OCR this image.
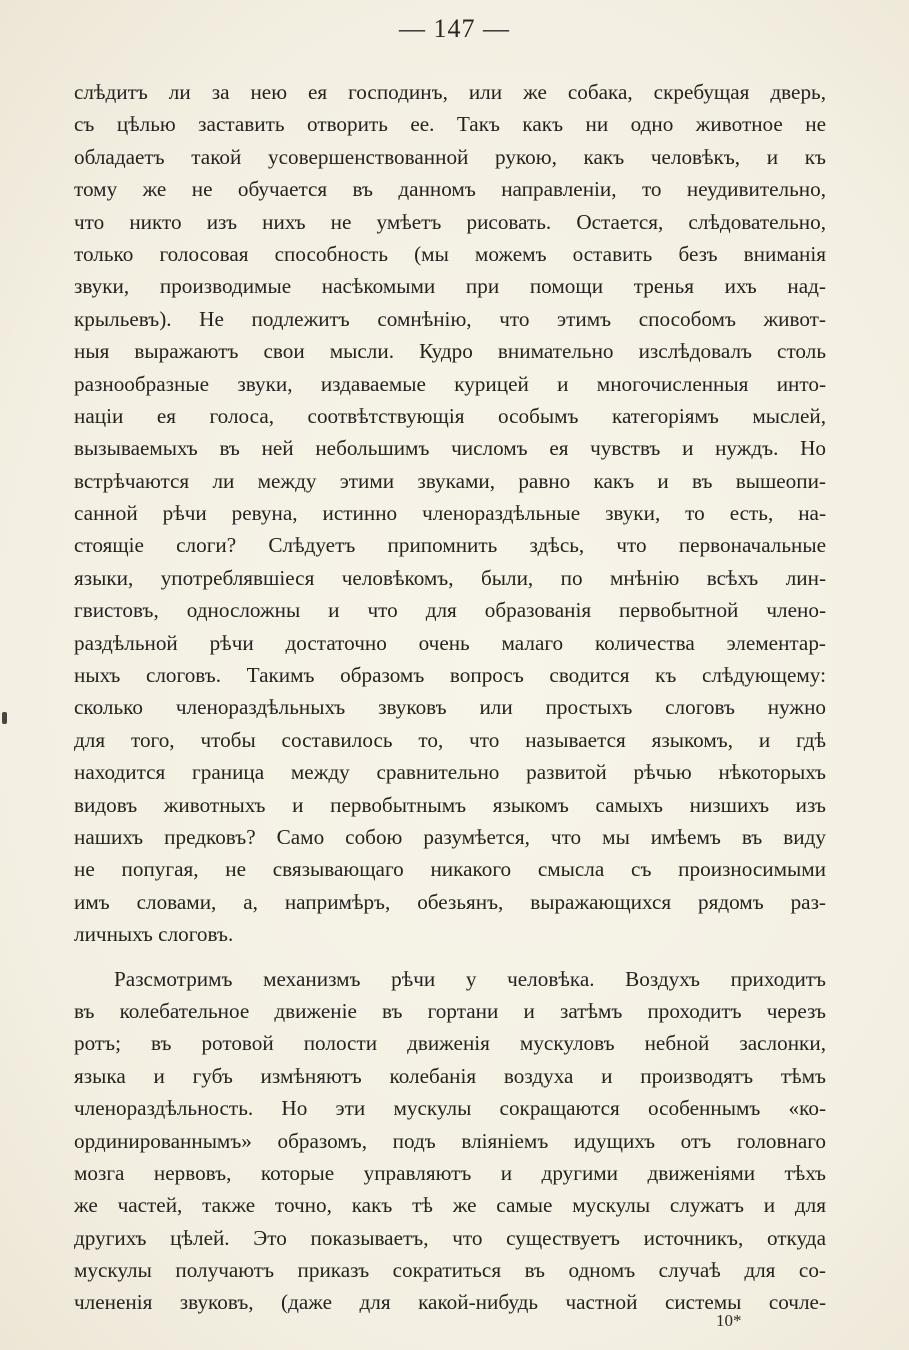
— 147 —
слѣдитъ ли за нею ея господинъ, или же собака, скребущая дверь,
съ цѣлью заставить отворить ее. Такъ какъ ни одно животное не
обладаетъ такой усовершенствованной рукою, какъ человѣкъ, и къ
тому же не обучается въ данномъ направленіи, то неудивительно,
что никто изъ нихъ не умѣетъ рисовать. Остается, слѣдовательно,
только голосовая способность (мы можемъ оставить безъ вниманія
звуки, производимые насѣкомыми при помощи тренья ихъ над-
крыльевъ). Не подлежитъ сомнѣнію, что этимъ способомъ живот-
ныя выражаютъ свои мысли. Кудро внимательно изслѣдовалъ столь
разнообразные звуки, издаваемые курицей и многочисленныя инто-
націи ея голоса, соотвѣтствующія особымъ категоріямъ мыслей,
вызываемыхъ въ ней небольшимъ числомъ ея чувствъ и нуждъ. Но
встрѣчаются ли между этими звуками, равно какъ и въ вышеопи-
санной рѣчи ревуна, истинно членораздѣльные звуки, то есть, на-
стоящіе слоги? Слѣдуетъ припомнить здѣсь, что первоначальные
языки, употреблявшіеся человѣкомъ, были, по мнѣнію всѣхъ лин-
гвистовъ, односложны и что для образованія первобытной члено-
раздѣльной рѣчи достаточно очень малаго количества элементар-
ныхъ слоговъ. Такимъ образомъ вопросъ сводится къ слѣдующему:
сколько членораздѣльныхъ звуковъ или простыхъ слоговъ нужно
для того, чтобы составилось то, что называется языкомъ, и гдѣ
находится граница между сравнительно развитой рѣчью нѣкоторыхъ
видовъ животныхъ и первобытнымъ языкомъ самыхъ низшихъ изъ
нашихъ предковъ? Само собою разумѣется, что мы имѣемъ въ виду
не попугая, не связывающаго никакого смысла съ произносимыми
имъ словами, а, напримѣръ, обезьянъ, выражающихся рядомъ раз-
личныхъ слоговъ.
Разсмотримъ механизмъ рѣчи у человѣка. Воздухъ приходитъ
въ колебательное движеніе въ гортани и затѣмъ проходитъ черезъ
ротъ; въ ротовой полости движенія мускуловъ небной заслонки,
языка и губъ измѣняютъ колебанія воздуха и производятъ тѣмъ
членораздѣльность. Но эти мускулы сокращаются особеннымъ «ко-
ординированнымъ» образомъ, подъ вліяніемъ идущихъ отъ головнаго
мозга нервовъ, которые управляютъ и другими движеніями тѣхъ
же частей, также точно, какъ тѣ же самые мускулы служатъ и для
другихъ цѣлей. Это показываетъ, что существуетъ источникъ, откуда
мускулы получаютъ приказъ сократиться въ одномъ случаѣ для со-
члененія звуковъ, (даже для какой-нибудь частной системы сочле-
10*
